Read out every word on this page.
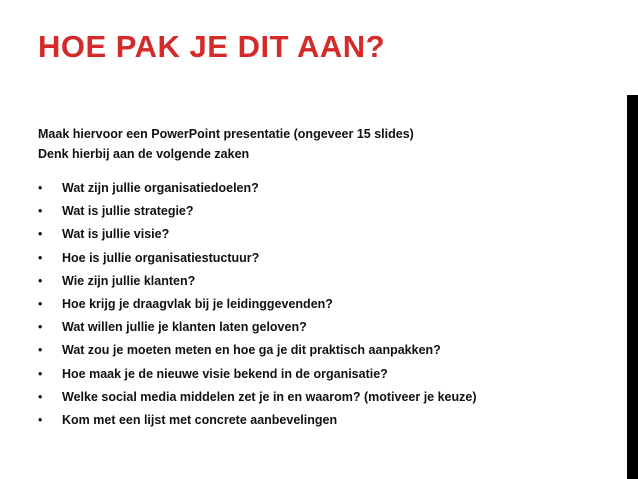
HOE PAK JE DIT AAN?
Maak hiervoor een PowerPoint presentatie (ongeveer 15 slides)
Denk hierbij aan de volgende zaken
• Wat zijn jullie organisatiedoelen?
• Wat is jullie strategie?
• Wat is jullie visie?
• Hoe is jullie organisatiestuctuur?
• Wie zijn jullie klanten?
• Hoe krijg je draagvlak bij je leidinggevenden?
• Wat willen jullie je klanten laten geloven?
• Wat zou je moeten meten en hoe ga je dit praktisch aanpakken?
• Hoe maak je de nieuwe visie bekend in de organisatie?
• Welke social media middelen zet je in en waarom? (motiveer je keuze)
• Kom met een lijst met concrete aanbevelingen
